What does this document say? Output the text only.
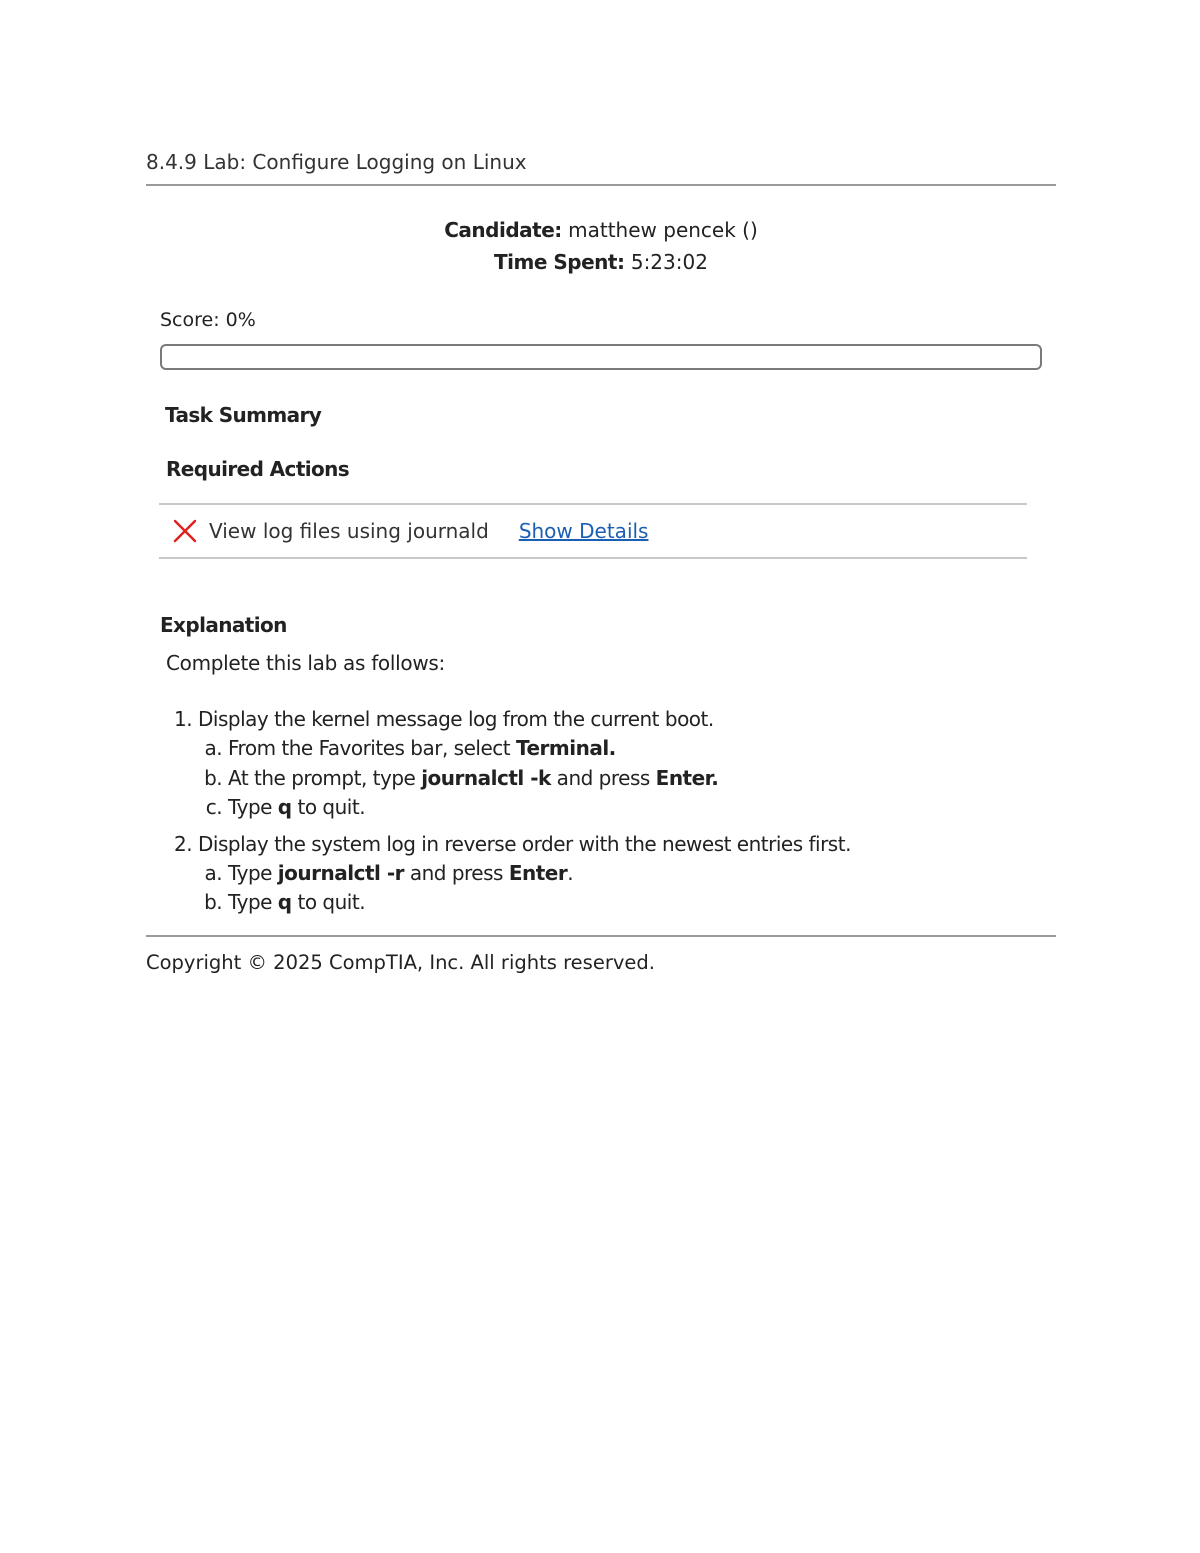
8.4.9 Lab: Configure Logging on Linux
Candidate: matthew pencek ()
Time Spent: 5:23:02
Score: 0%
Task Summary
Required Actions
View log files using journald Show Details
Explanation
Complete this lab as follows:
1. Display the kernel message log from the current boot.
a. From the Favorites bar, select Terminal.
b. At the prompt, type journalctl -k and press Enter.
c. Type q to quit.
2. Display the system log in reverse order with the newest entries first.
a. Type journalctl -r and press Enter.
b. Type q to quit.
Copyright © 2025 CompTIA, Inc. All rights reserved.
